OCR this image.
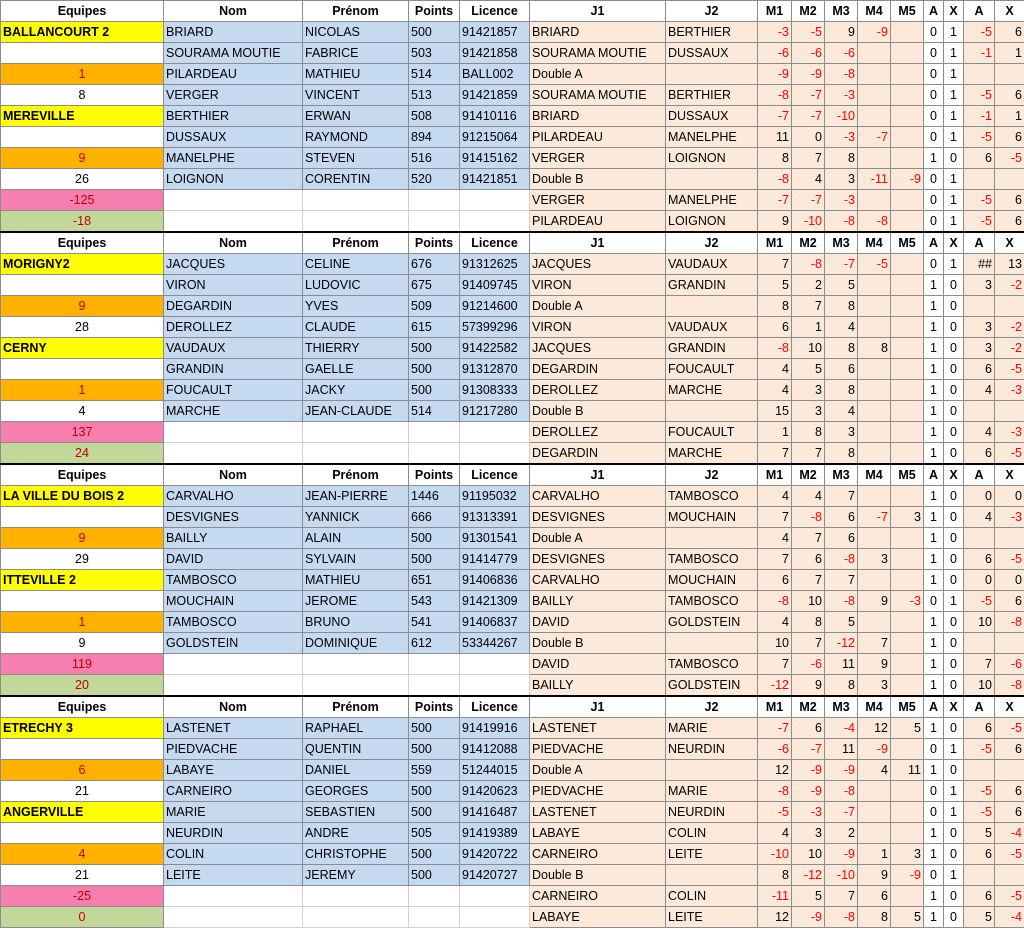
Equipes	Nom	Prénom	Points	Licence	J1	J2	M1	M2	M3	M4	M5	A	X	A	X
BALLANCOURT 2	BRIARD	NICOLAS	500	91421857	BRIARD	BERTHIER	-3	-5	9	-9		0	1	-5	6
	SOURAMA MOUTIE	FABRICE	503	91421858	SOURAMA MOUTIE	DUSSAUX	-6	-6	-6			0	1	-1	1
1	PILARDEAU	MATHIEU	514	BALL002	Double A		-9	-9	-8			0	1		
8	VERGER	VINCENT	513	91421859	SOURAMA MOUTIE	BERTHIER	-8	-7	-3			0	1	-5	6
MEREVILLE	BERTHIER	ERWAN	508	91410116	BRIARD	DUSSAUX	-7	-7	-10			0	1	-1	1
	DUSSAUX	RAYMOND	894	91215064	PILARDEAU	MANELPHE	11	0	-3	-7		0	1	-5	6
9	MANELPHE	STEVEN	516	91415162	VERGER	LOIGNON	8	7	8			1	0	6	-5
26	LOIGNON	CORENTIN	520	91421851	Double B		-8	4	3	-11	-9	0	1		
-125					VERGER	MANELPHE	-7	-7	-3			0	1	-5	6
-18					PILARDEAU	LOIGNON	9	-10	-8	-8		0	1	-5	6
Equipes	Nom	Prénom	Points	Licence	J1	J2	M1	M2	M3	M4	M5	A	X	A	X
MORIGNY2	JACQUES	CELINE	676	91312625	JACQUES	VAUDAUX	7	-8	-7	-5		0	1	##	13
	VIRON	LUDOVIC	675	91409745	VIRON	GRANDIN	5	2	5			1	0	3	-2
9	DEGARDIN	YVES	509	91214600	Double A		8	7	8			1	0		
28	DEROLLEZ	CLAUDE	615	57399296	VIRON	VAUDAUX	6	1	4			1	0	3	-2
CERNY	VAUDAUX	THIERRY	500	91422582	JACQUES	GRANDIN	-8	10	8	8		1	0	3	-2
	GRANDIN	GAELLE	500	91312870	DEGARDIN	FOUCAULT	4	5	6			1	0	6	-5
1	FOUCAULT	JACKY	500	91308333	DEROLLEZ	MARCHE	4	3	8			1	0	4	-3
4	MARCHE	JEAN-CLAUDE	514	91217280	Double B		15	3	4			1	0		
137					DEROLLEZ	FOUCAULT	1	8	3			1	0	4	-3
24					DEGARDIN	MARCHE	7	7	8			1	0	6	-5
Equipes	Nom	Prénom	Points	Licence	J1	J2	M1	M2	M3	M4	M5	A	X	A	X
LA VILLE DU BOIS 2	CARVALHO	JEAN-PIERRE	1446	91195032	CARVALHO	TAMBOSCO	4	4	7			1	0	0	0
	DESVIGNES	YANNICK	666	91313391	DESVIGNES	MOUCHAIN	7	-8	6	-7	3	1	0	4	-3
9	BAILLY	ALAIN	500	91301541	Double A		4	7	6			1	0		
29	DAVID	SYLVAIN	500	91414779	DESVIGNES	TAMBOSCO	7	6	-8	3		1	0	6	-5
ITTEVILLE 2	TAMBOSCO	MATHIEU	651	91406836	CARVALHO	MOUCHAIN	6	7	7			1	0	0	0
	MOUCHAIN	JEROME	543	91421309	BAILLY	TAMBOSCO	-8	10	-8	9	-3	0	1	-5	6
1	TAMBOSCO	BRUNO	541	91406837	DAVID	GOLDSTEIN	4	8	5			1	0	10	-8
9	GOLDSTEIN	DOMINIQUE	612	53344267	Double B		10	7	-12	7		1	0		
119					DAVID	TAMBOSCO	7	-6	11	9		1	0	7	-6
20					BAILLY	GOLDSTEIN	-12	9	8	3		1	0	10	-8
Equipes	Nom	Prénom	Points	Licence	J1	J2	M1	M2	M3	M4	M5	A	X	A	X
ETRECHY 3	LASTENET	RAPHAEL	500	91419916	LASTENET	MARIE	-7	6	-4	12	5	1	0	6	-5
	PIEDVACHE	QUENTIN	500	91412088	PIEDVACHE	NEURDIN	-6	-7	11	-9		0	1	-5	6
6	LABAYE	DANIEL	559	51244015	Double A		12	-9	-9	4	11	1	0		
21	CARNEIRO	GEORGES	500	91420623	PIEDVACHE	MARIE	-8	-9	-8			0	1	-5	6
ANGERVILLE	MARIE	SEBASTIEN	500	91416487	LASTENET	NEURDIN	-5	-3	-7			0	1	-5	6
	NEURDIN	ANDRE	505	91419389	LABAYE	COLIN	4	3	2			1	0	5	-4
4	COLIN	CHRISTOPHE	500	91420722	CARNEIRO	LEITE	-10	10	-9	1	3	1	0	6	-5
21	LEITE	JEREMY	500	91420727	Double B		8	-12	-10	9	-9	0	1		
-25					CARNEIRO	COLIN	-11	5	7	6		1	0	6	-5
0					LABAYE	LEITE	12	-9	-8	8	5	1	0	5	-4
